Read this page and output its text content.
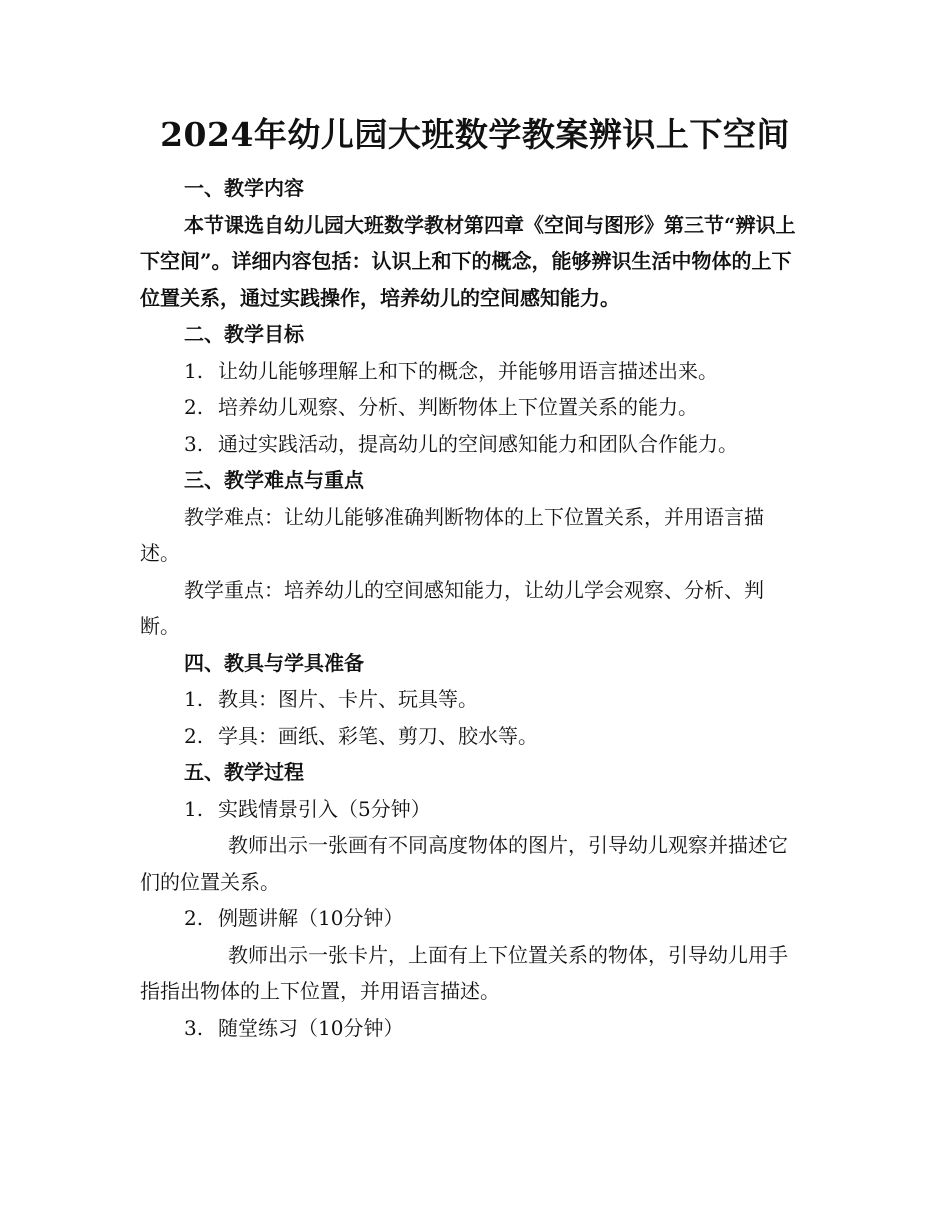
2024年幼儿园大班数学教案辨识上下空间

一、教学内容

本节课选自幼儿园大班数学教材第四章《空间与图形》第三节“辨识上下空间”。详细内容包括：认识上和下的概念，能够辨识生活中物体的上下位置关系，通过实践操作，培养幼儿的空间感知能力。

二、教学目标

1. 让幼儿能够理解上和下的概念，并能够用语言描述出来。

2. 培养幼儿观察、分析、判断物体上下位置关系的能力。

3. 通过实践活动，提高幼儿的空间感知能力和团队合作能力。

三、教学难点与重点

教学难点：让幼儿能够准确判断物体的上下位置关系，并用语言描述。

教学重点：培养幼儿的空间感知能力，让幼儿学会观察、分析、判断。

四、教具与学具准备

1. 教具：图片、卡片、玩具等。

2. 学具：画纸、彩笔、剪刀、胶水等。

五、教学过程

1. 实践情景引入（5分钟）

教师出示一张画有不同高度物体的图片，引导幼儿观察并描述它们的位置关系。

2. 例题讲解（10分钟）

教师出示一张卡片，上面有上下位置关系的物体，引导幼儿用手指指出物体的上下位置，并用语言描述。

3. 随堂练习（10分钟）
